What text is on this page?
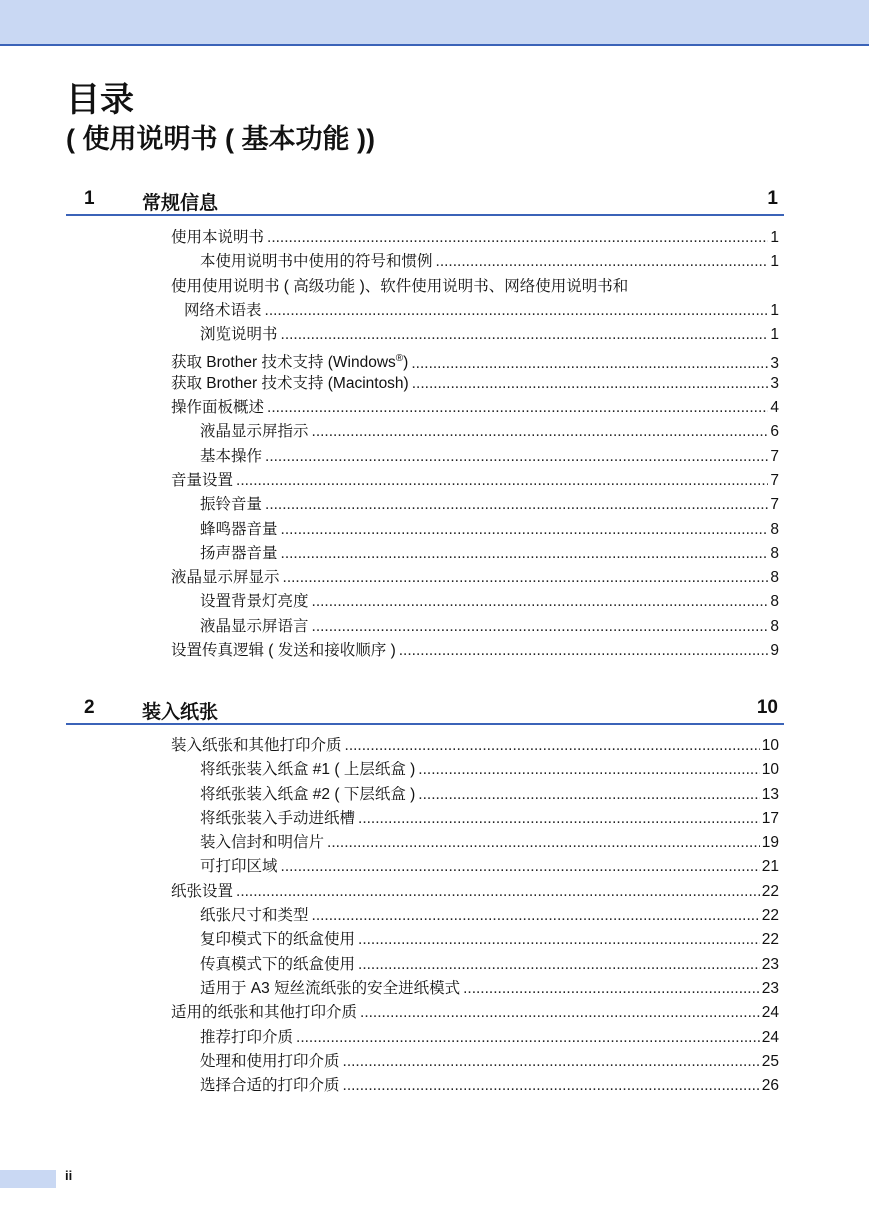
目录
( 使用说明书 ( 基本功能 ))
1 常规信息	1
使用本说明书 .....	1
本使用说明书中使用的符号和惯例 .....	1
使用使用说明书 ( 高级功能 )、软件使用说明书、网络使用说明书和
网络术语表 .....	1
浏览说明书 .....	1
获取 Brother 技术支持 (Windows®) .....	3
获取 Brother 技术支持 (Macintosh) .....	3
操作面板概述 .....	4
液晶显示屏指示 .....	6
基本操作 .....	7
音量设置 .....	7
振铃音量 .....	7
蜂鸣器音量 .....	8
扬声器音量 .....	8
液晶显示屏显示 .....	8
设置背景灯亮度 .....	8
液晶显示屏语言 .....	8
设置传真逻辑 ( 发送和接收顺序 ) .....	9
2 装入纸张	10
装入纸张和其他打印介质 .....	10
将纸张装入纸盒 #1 ( 上层纸盒 ) .....	10
将纸张装入纸盒 #2 ( 下层纸盒 ) .....	13
将纸张装入手动进纸槽 .....	17
装入信封和明信片 .....	19
可打印区域 .....	21
纸张设置 .....	22
纸张尺寸和类型 .....	22
复印模式下的纸盒使用 .....	22
传真模式下的纸盒使用 .....	23
适用于 A3 短丝流纸张的安全进纸模式 .....	23
适用的纸张和其他打印介质 .....	24
推荐打印介质 .....	24
处理和使用打印介质 .....	25
选择合适的打印介质 .....	26
ii
